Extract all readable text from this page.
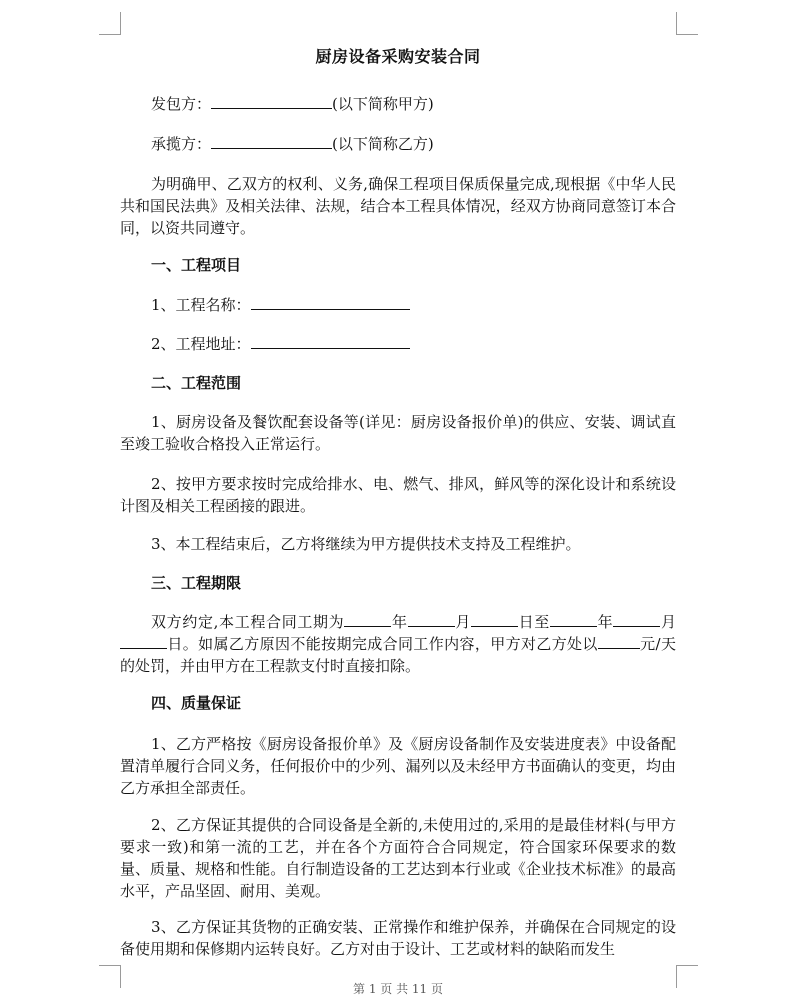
厨房设备采购安装合同
发包方：	(以下简称甲方)
承揽方：	(以下简称乙方)
为明确甲、乙双方的权利、义务,确保工程项目保质保量完成,现根据《中华人民共和国民法典》及相关法律、法规，结合本工程具体情况，经双方协商同意签订本合同，以资共同遵守。
一、工程项目
1、工程名称：
2、工程地址：
二、工程范围
1、厨房设备及餐饮配套设备等(详见：厨房设备报价单)的供应、安装、调试直至竣工验收合格投入正常运行。
2、按甲方要求按时完成给排水、电、燃气、排风，鲜风等的深化设计和系统设计图及相关工程函接的跟进。
3、本工程结束后，乙方将继续为甲方提供技术支持及工程维护。
三、工程期限
双方约定,本工程合同工期为	年	月	日至	年	月日。如属乙方原因不能按期完成合同工作内容，甲方对乙方处以	元/天的处罚，并由甲方在工程款支付时直接扣除。
四、质量保证
1、乙方严格按《厨房设备报价单》及《厨房设备制作及安装进度表》中设备配置清单履行合同义务，任何报价中的少列、漏列以及未经甲方书面确认的变更，均由乙方承担全部责任。
2、乙方保证其提供的合同设备是全新的,未使用过的,采用的是最佳材料(与甲方要求一致)和第一流的工艺，并在各个方面符合合同规定，符合国家环保要求的数量、质量、规格和性能。自行制造设备的工艺达到本行业或《企业技术标准》的最高水平，产品坚固、耐用、美观。
3、乙方保证其货物的正确安装、正常操作和维护保养，并确保在合同规定的设备使用期和保修期内运转良好。乙方对由于设计、工艺或材料的缺陷而发生
第 1 页 共 11 页
